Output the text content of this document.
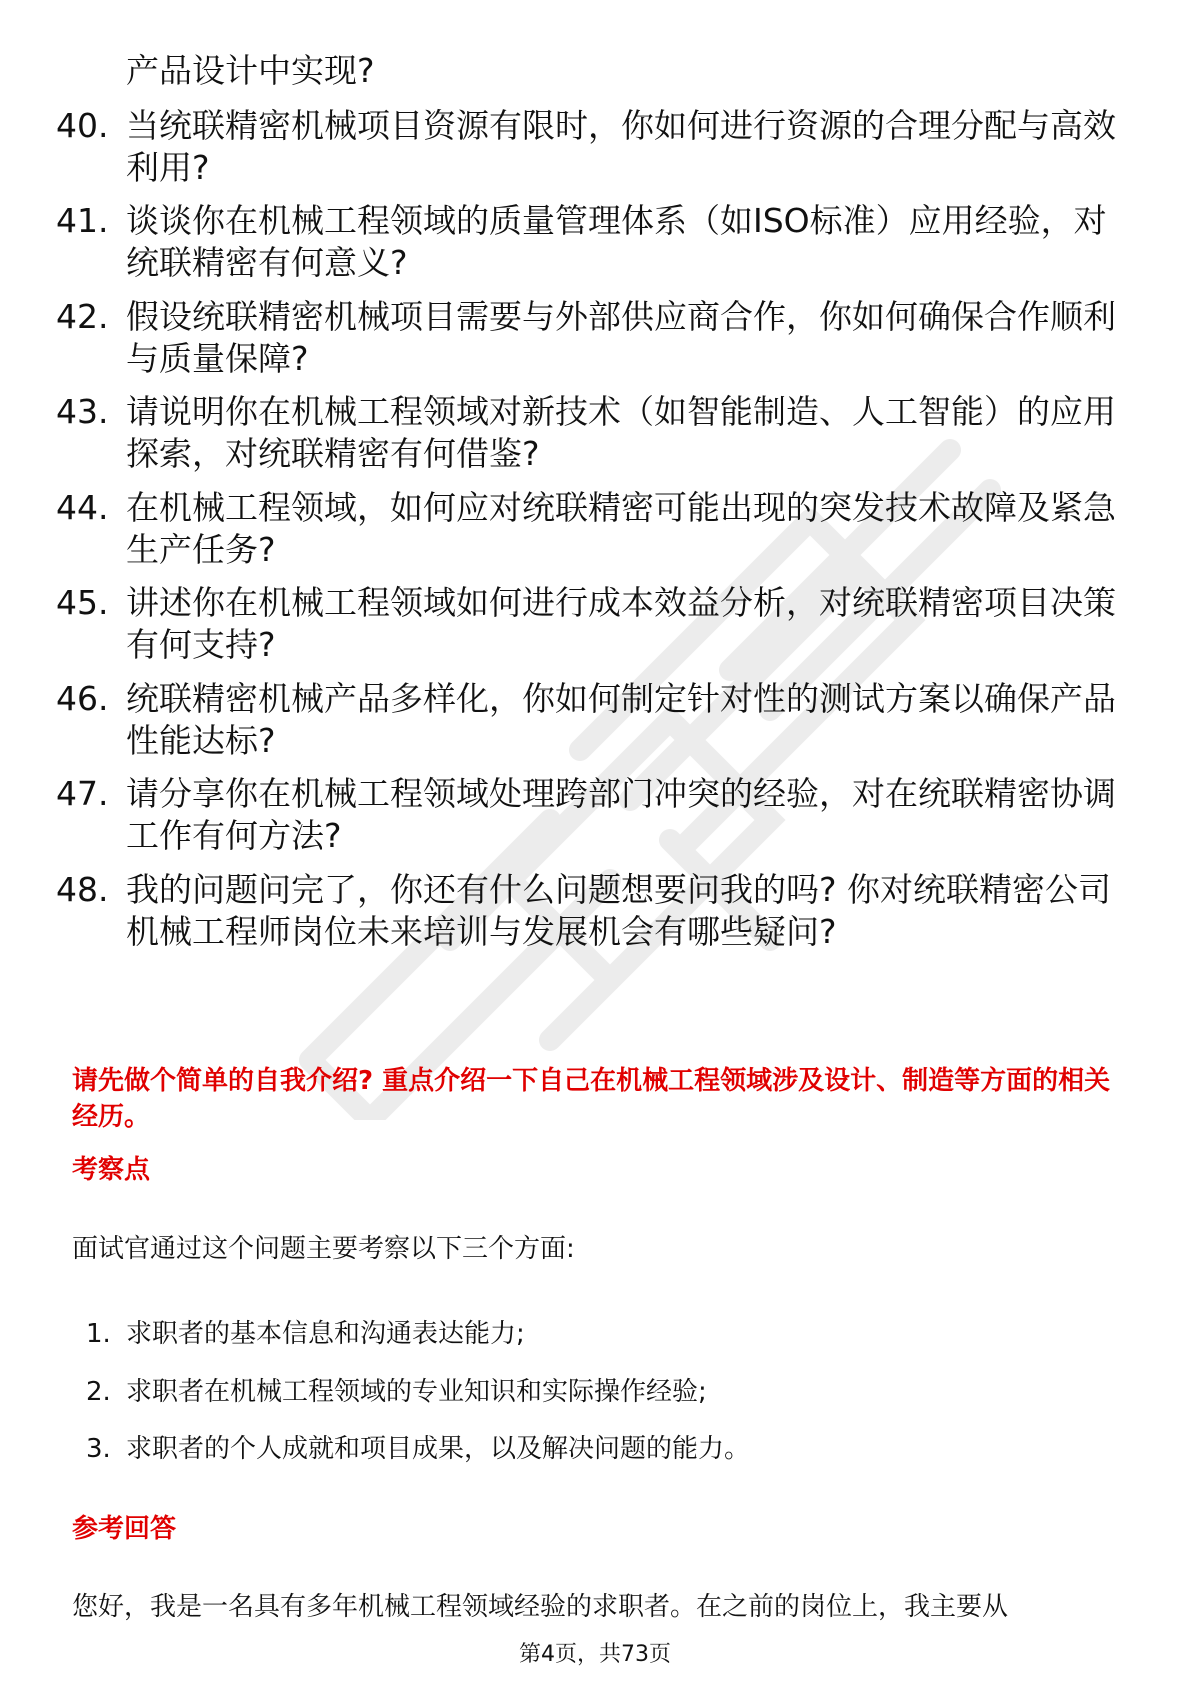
产品设计中实现?
40. 当统联精密机械项目资源有限时，你如何进行资源的合理分配与高效利用?
41. 谈谈你在机械工程领域的质量管理体系（如ISO标准）应用经验，对统联精密有何意义?
42. 假设统联精密机械项目需要与外部供应商合作，你如何确保合作顺利与质量保障?
43. 请说明你在机械工程领域对新技术（如智能制造、人工智能）的应用探索，对统联精密有何借鉴?
44. 在机械工程领域，如何应对统联精密可能出现的突发技术故障及紧急生产任务?
45. 讲述你在机械工程领域如何进行成本效益分析，对统联精密项目决策有何支持?
46. 统联精密机械产品多样化，你如何制定针对性的测试方案以确保产品性能达标?
47. 请分享你在机械工程领域处理跨部门冲突的经验，对在统联精密协调工作有何方法?
48. 我的问题问完了，你还有什么问题想要问我的吗? 你对统联精密公司机械工程师岗位未来培训与发展机会有哪些疑问?
请先做个简单的自我介绍? 重点介绍一下自己在机械工程领域涉及设计、制造等方面的相关经历。
考察点
面试官通过这个问题主要考察以下三个方面:
1. 求职者的基本信息和沟通表达能力;
2. 求职者在机械工程领域的专业知识和实际操作经验;
3. 求职者的个人成就和项目成果，以及解决问题的能力。
参考回答
您好，我是一名具有多年机械工程领域经验的求职者。在之前的岗位上，我主要从
第4页，共73页
